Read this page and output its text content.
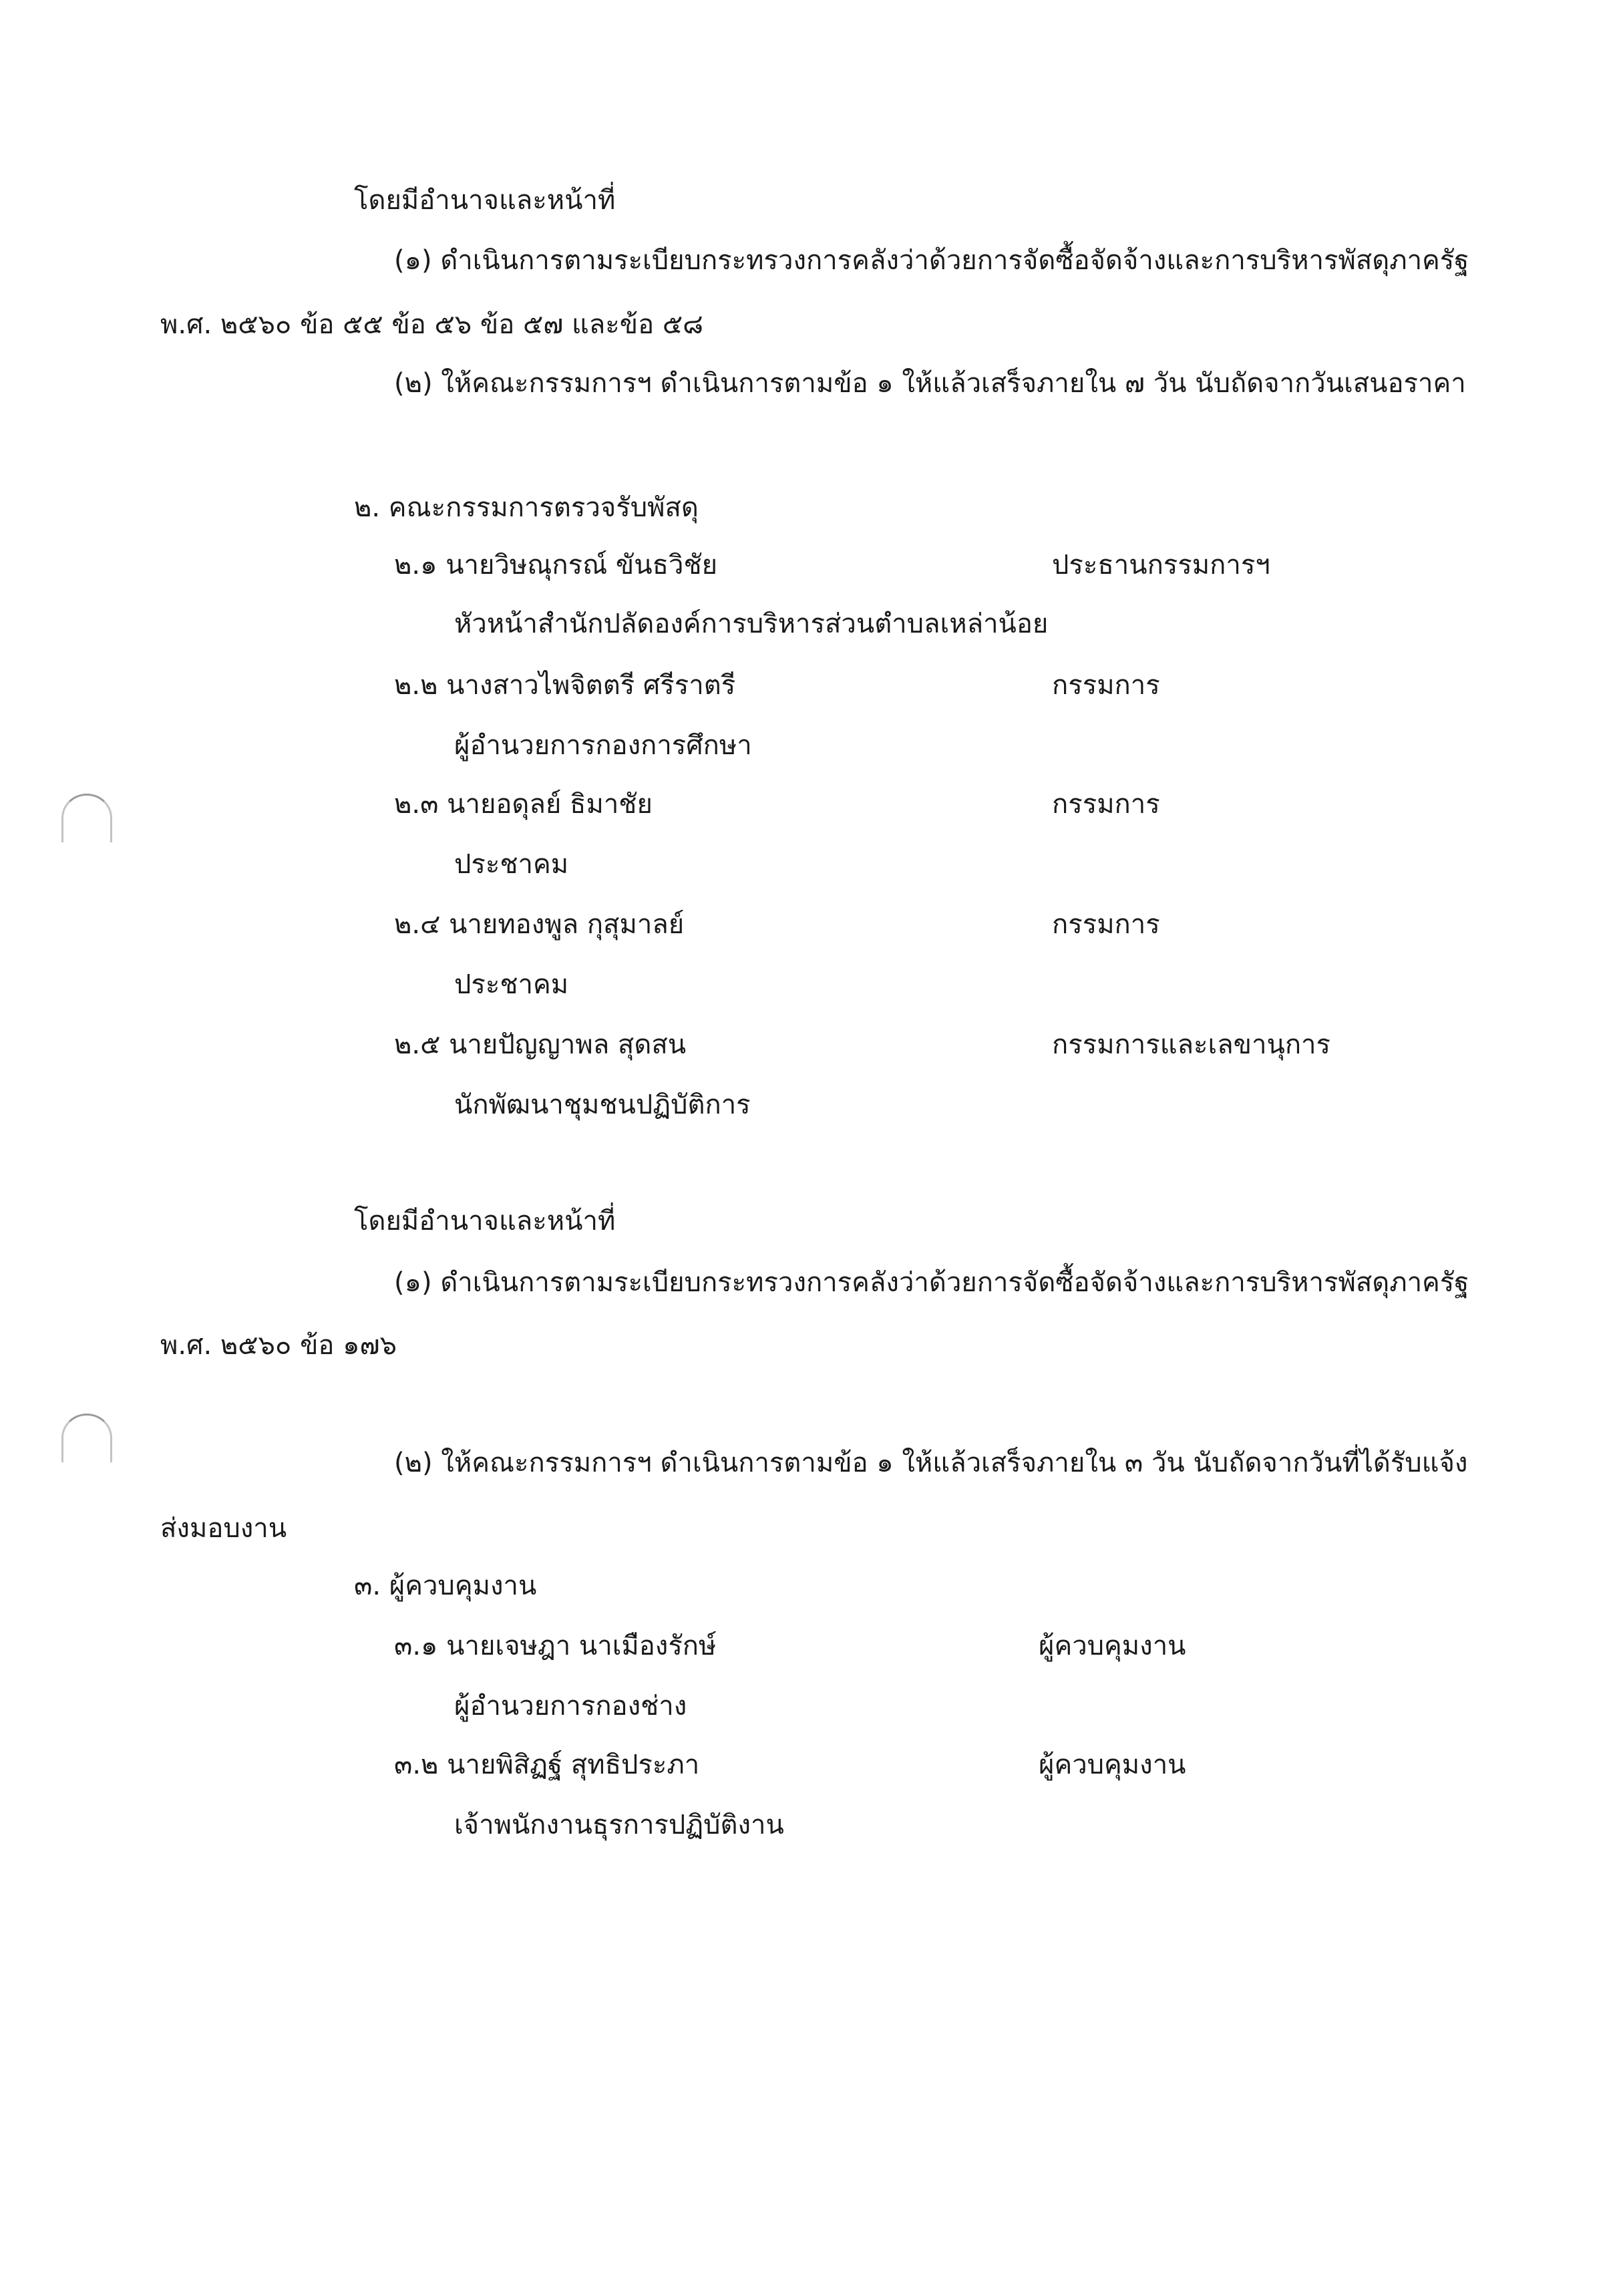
โดยมีอำนาจและหน้าที่
(๑) ดำเนินการตามระเบียบกระทรวงการคลังว่าด้วยการจัดซื้อจัดจ้างและการบริหารพัสดุภาครัฐ
พ.ศ. ๒๕๖๐ ข้อ ๕๕ ข้อ ๕๖ ข้อ ๕๗ และข้อ ๕๘
(๒) ให้คณะกรรมการฯ ดำเนินการตามข้อ ๑ ให้แล้วเสร็จภายใน ๗ วัน นับถัดจากวันเสนอราคา
๒. คณะกรรมการตรวจรับพัสดุ
๒.๑ นายวิษณุกรณ์ ขันธวิชัย	ประธานกรรมการฯ
หัวหน้าสำนักปลัดองค์การบริหารส่วนตำบลเหล่าน้อย
๒.๒ นางสาวไพจิตตรี ศรีราตรี	กรรมการ
ผู้อำนวยการกองการศึกษา
๒.๓ นายอดุลย์ ธิมาชัย	กรรมการ
ประชาคม
๒.๔ นายทองพูล กุสุมาลย์	กรรมการ
ประชาคม
๒.๕ นายปัญญาพล สุดสน	กรรมการและเลขานุการ
นักพัฒนาชุมชนปฏิบัติการ
โดยมีอำนาจและหน้าที่
(๑) ดำเนินการตามระเบียบกระทรวงการคลังว่าด้วยการจัดซื้อจัดจ้างและการบริหารพัสดุภาครัฐ
พ.ศ. ๒๕๖๐ ข้อ ๑๗๖
(๒) ให้คณะกรรมการฯ ดำเนินการตามข้อ ๑ ให้แล้วเสร็จภายใน ๓ วัน นับถัดจากวันที่ได้รับแจ้ง
ส่งมอบงาน
๓. ผู้ควบคุมงาน
๓.๑ นายเจษฎา นาเมืองรักษ์	ผู้ควบคุมงาน
ผู้อำนวยการกองช่าง
๓.๒ นายพิสิฏฐ์ สุทธิประภา	ผู้ควบคุมงาน
เจ้าพนักงานธุรการปฏิบัติงาน
